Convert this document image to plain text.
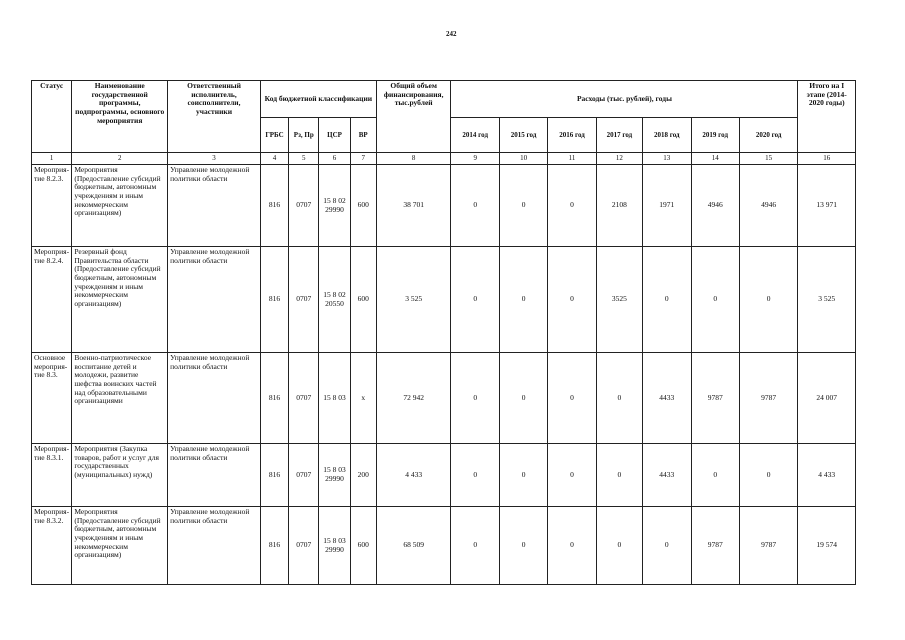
242
Статус	Наименование государственной программы, подпрограммы, основного мероприятия	Ответственный исполнитель, соисполнители, участники	Код бюджетной классификации				Общий объем финансирования, тыс.рублей	Расходы (тыс. рублей), годы							Итого на I этапе (2014-2020 годы)
			ГРБС	Рз, Пр	ЦСР	ВР		2014 год	2015 год	2016 год	2017 год	2018 год	2019 год	2020 год	
1	2	3	4	5	6	7	8	9	10	11	12	13	14	15	16
Мероприя-тие 8.2.3.	Мероприятия (Предоставление субсидий бюджетным, автономным учреждениям и иным некоммерческим организациям)	Управление молодежной политики области	816	0707	15 8 02 29990	600	38 701	0	0	0	2108	1971	4946	4946	13 971
Мероприя-тие 8.2.4.	Резервный фонд Правительства области (Предоставление субсидий бюджетным, автономным учреждениям и иным некоммерческим организациям)	Управление молодежной политики области	816	0707	15 8 02 20550	600	3 525	0	0	0	3525	0	0	0	3 525
Основное мероприя-тие 8.3.	Военно-патриотическое воспитание детей и молодежи, развитие шефства воинских частей над образовательными организациями	Управление молодежной политики области	816	0707	15 8 03	х	72 942	0	0	0	0	4433	9787	9787	24 007
Мероприя-тие 8.3.1.	Мероприятия (Закупка товаров, работ и услуг для государственных (муниципальных) нужд)	Управление молодежной политики области	816	0707	15 8 03 29990	200	4 433	0	0	0	0	4433	0	0	4 433
Мероприя-тие 8.3.2.	Мероприятия (Предоставление субсидий бюджетным, автономным учреждениям и иным некоммерческим организациям)	Управление молодежной политики области	816	0707	15 8 03 29990	600	68 509	0	0	0	0	0	9787	9787	19 574
